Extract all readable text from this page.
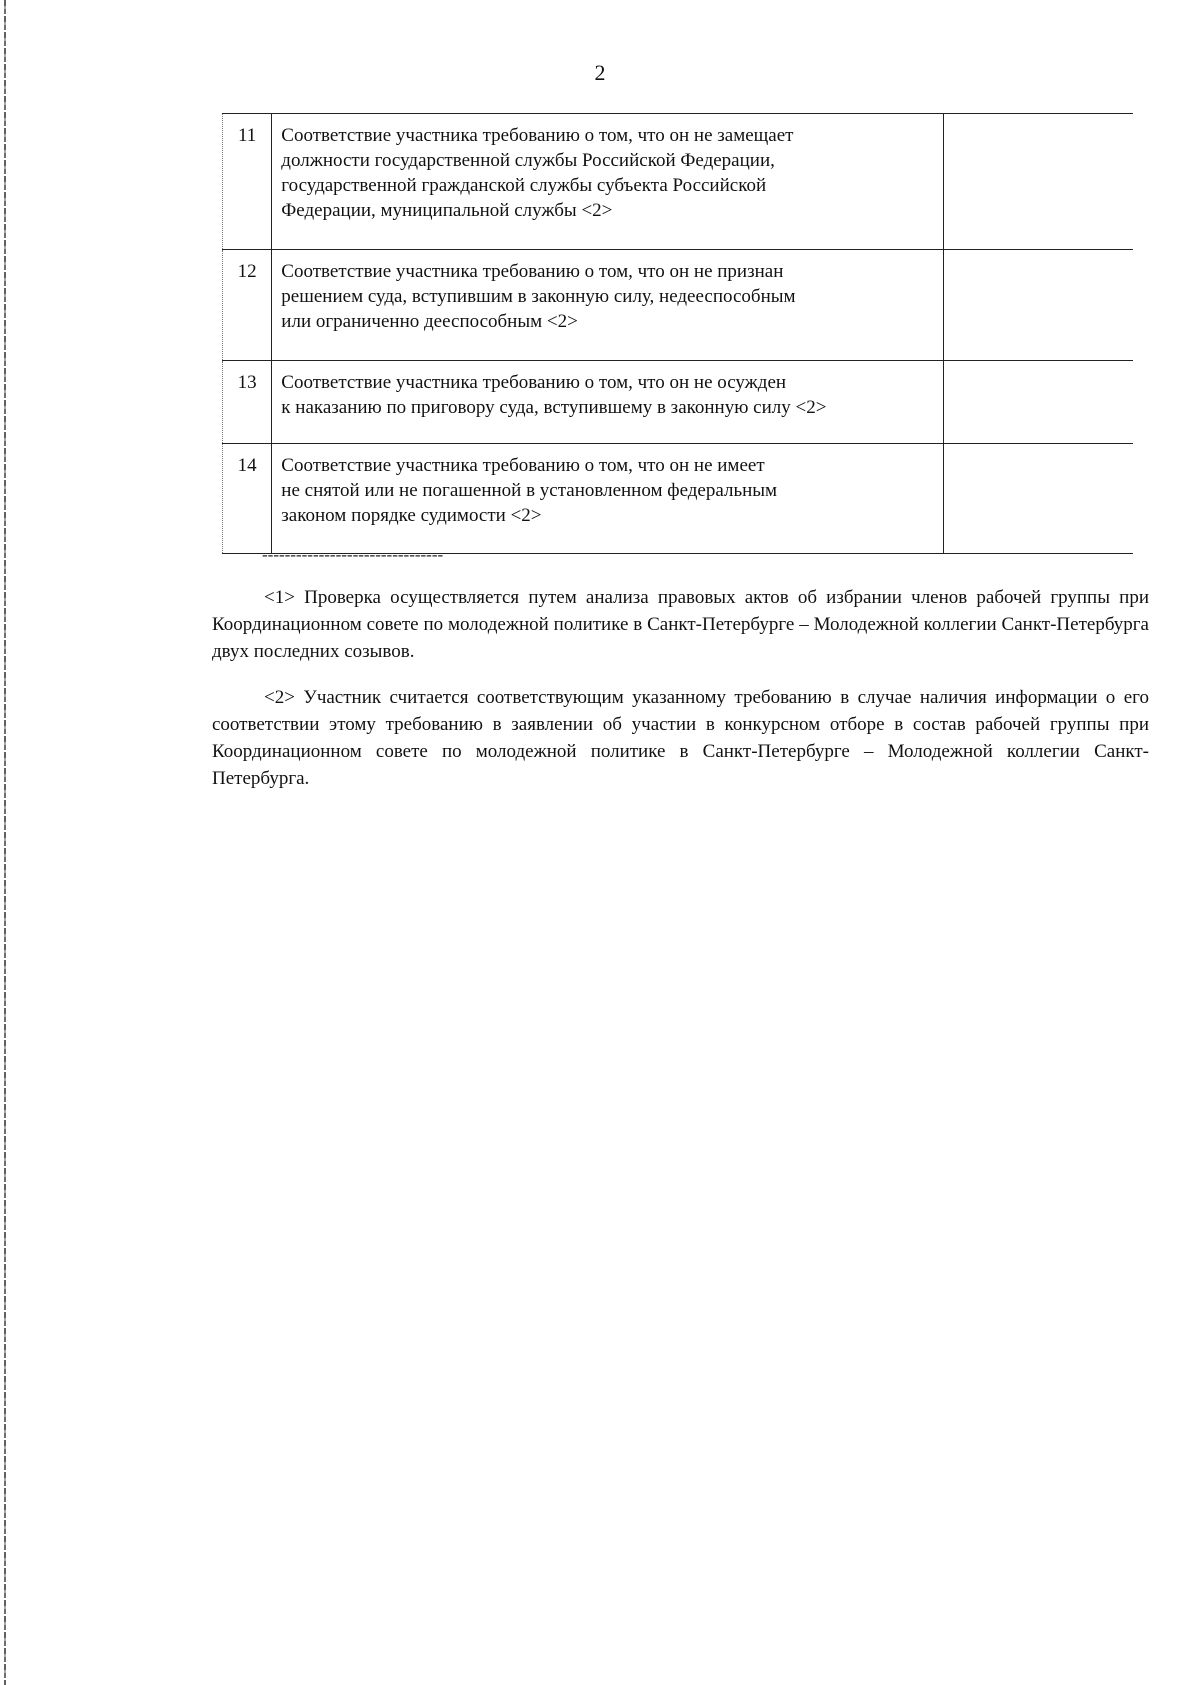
2
11	Соответствие участника требованию о том, что он не замещает
должности государственной службы Российской Федерации,
государственной гражданской службы субъекта Российской
Федерации, муниципальной службы <2>	

12	Соответствие участника требованию о том, что он не признан
решением суда, вступившим в законную силу, недееспособным
или ограниченно дееспособным <2>	

13	Соответствие участника требованию о том, что он не осужден
к наказанию по приговору суда, вступившему в законную силу <2>	

14	Соответствие участника требованию о том, что он не имеет
не снятой или не погашенной в установленном федеральным
законом порядке судимости <2>	

--------------------------------

<1> Проверка осуществляется путем анализа правовых актов об избрании членов рабочей группы при Координационном совете по молодежной политике в Санкт-Петербурге – Молодежной коллегии Санкт-Петербурга двух последних созывов.

<2> Участник считается соответствующим указанному требованию в случае наличия информации о его соответствии этому требованию в заявлении об участии в конкурсном отборе в состав рабочей группы при Координационном совете по молодежной политике в Санкт-Петербурге – Молодежной коллегии Санкт-Петербурга.
